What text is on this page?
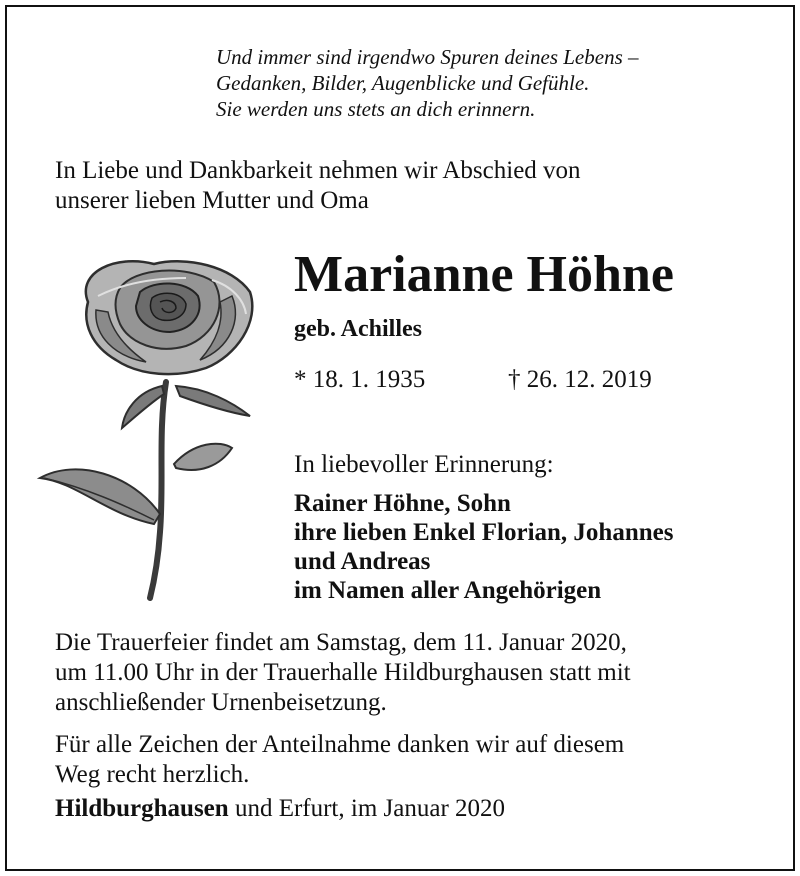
Und immer sind irgendwo Spuren deines Lebens –
Gedanken, Bilder, Augenblicke und Gefühle.
Sie werden uns stets an dich erinnern.
In Liebe und Dankbarkeit nehmen wir Abschied von
unserer lieben Mutter und Oma
Marianne Höhne
geb. Achilles
* 18. 1. 1935	† 26. 12. 2019
In liebevoller Erinnerung:
Rainer Höhne, Sohn
ihre lieben Enkel Florian, Johannes
und Andreas
im Namen aller Angehörigen
Die Trauerfeier findet am Samstag, dem 11. Januar 2020,
um 11.00 Uhr in der Trauerhalle Hildburghausen statt mit
anschließender Urnenbeisetzung.
Für alle Zeichen der Anteilnahme danken wir auf diesem
Weg recht herzlich.
Hildburghausen und Erfurt, im Januar 2020
